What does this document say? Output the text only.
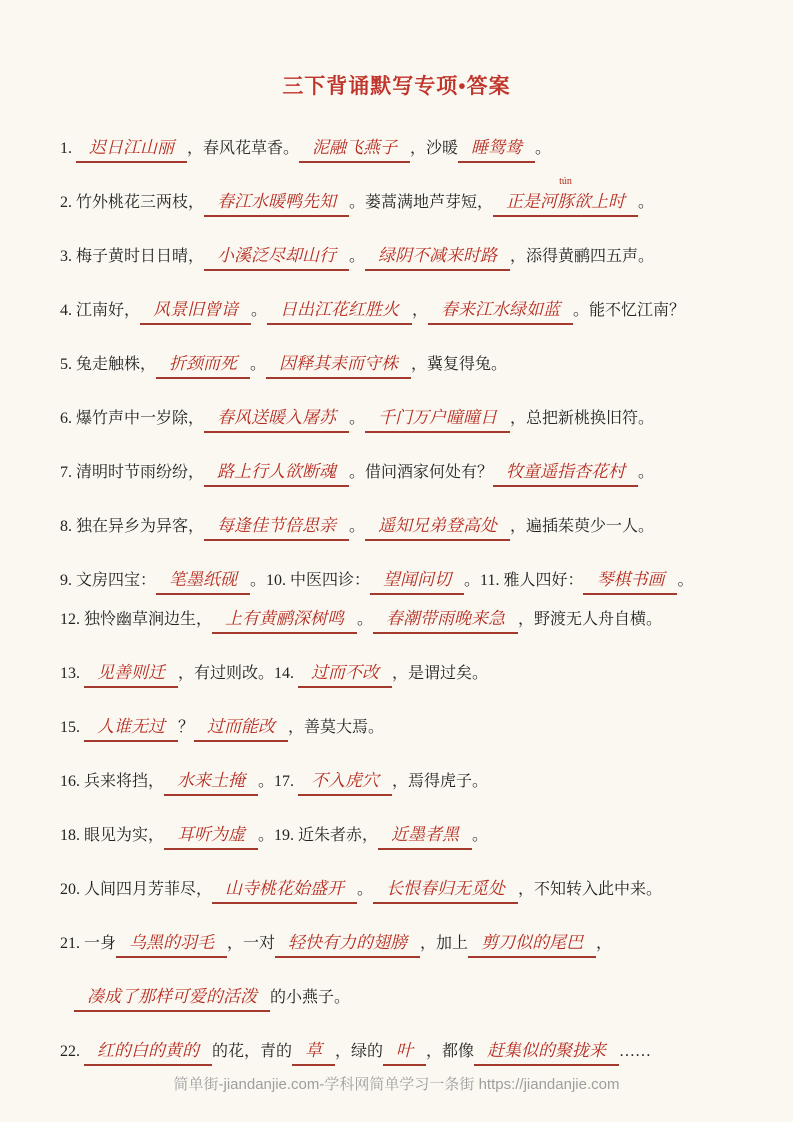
三下背诵默写专项•答案
1. 迟日江山丽 ，春风花草香。 泥融飞燕子 ，沙暖 睡鸳鸯 。
2. 竹外桃花三两枝， 春江水暖鸭先知 。蒌蒿满地芦芽短， 正是河豚
tún
欲上时 。
3. 梅子黄时日日晴， 小溪泛尽却山行 。 绿阴不减来时路 ，添得黄鹂四五声。
4. 江南好， 风景旧曾谙 。 日出江花红胜火 ， 春来江水绿如蓝 。能不忆江南？
5. 兔走触株， 折颈而死 。 因释其耒而守株 ，冀复得兔。
6. 爆竹声中一岁除， 春风送暖入屠苏 。 千门万户曈曈日 ，总把新桃换旧符。
7. 清明时节雨纷纷， 路上行人欲断魂 。借问酒家何处有？ 牧童遥指杏花村 。
8. 独在异乡为异客， 每逢佳节倍思亲 。 遥知兄弟登高处 ，遍插茱萸少一人。
9. 文房四宝： 笔墨纸砚 。10. 中医四诊： 望闻问切 。11. 雅人四好： 琴棋书画 。
12. 独怜幽草涧边生， 上有黄鹂深树鸣 。 春潮带雨晚来急 ，野渡无人舟自横。
13. 见善则迁 ，有过则改。14. 过而不改 ，是谓过矣。
15. 人谁无过 ？ 过而能改 ，善莫大焉。
16. 兵来将挡， 水来土掩 。17. 不入虎穴 ，焉得虎子。
18. 眼见为实， 耳听为虚 。19. 近朱者赤， 近墨者黑 。
20. 人间四月芳菲尽， 山寺桃花始盛开 。 长恨春归无觅处 ，不知转入此中来。
21. 一身 乌黑的羽毛 ，一对 轻快有力的翅膀 ，加上 剪刀似的尾巴 ，
凑成了那样可爱的活泼 的小燕子。
22. 红的白的黄的 的花，青的 草 ，绿的 叶 ，都像 赶集似的聚拢来 ……
简单街-jiandanjie.com-学科网简单学习一条街 https://jiandanjie.com
